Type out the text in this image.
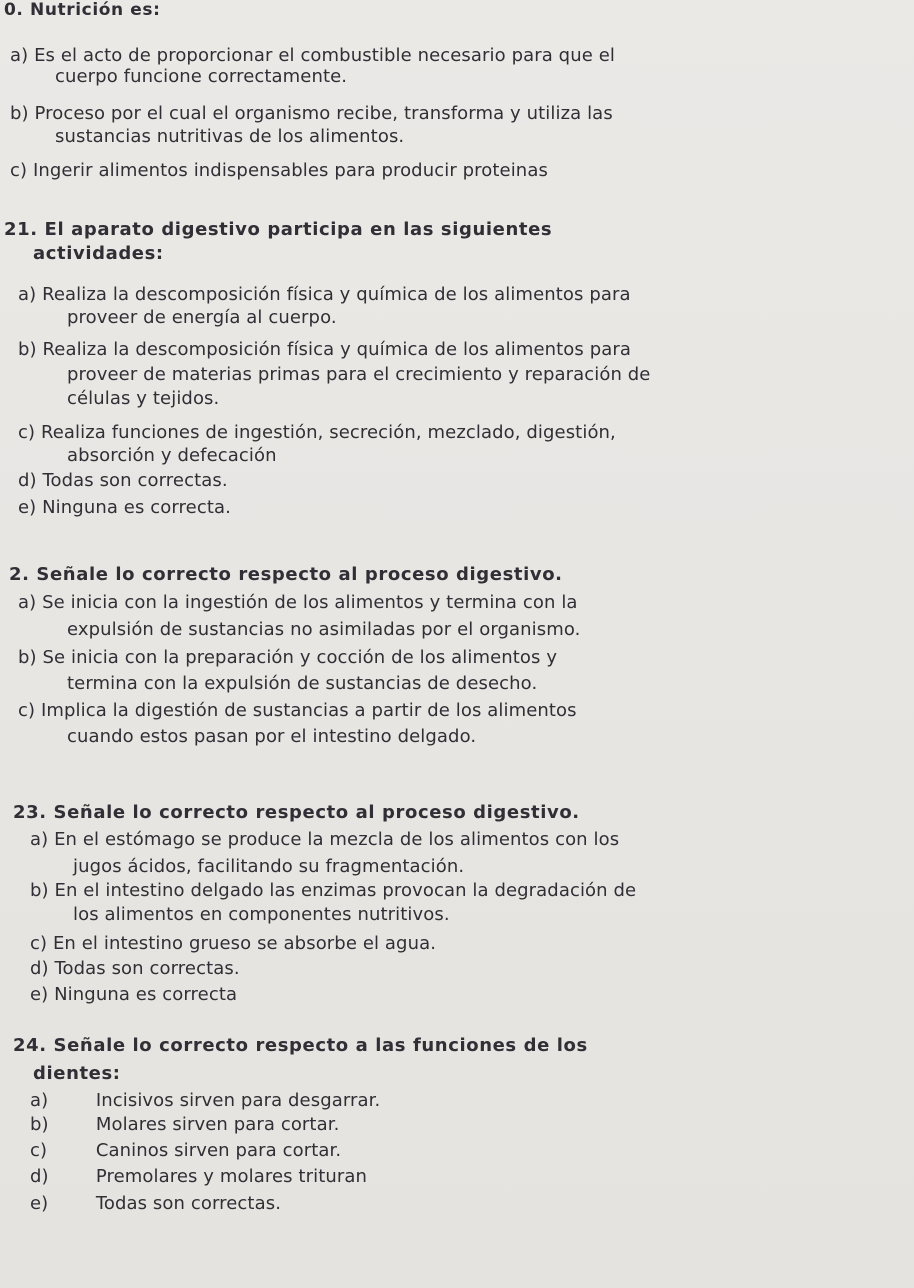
0. Nutrición es:
a) Es el acto de proporcionar el combustible necesario para que el
cuerpo funcione correctamente.
b) Proceso por el cual el organismo recibe, transforma y utiliza las
sustancias nutritivas de los alimentos.
c) Ingerir alimentos indispensables para producir proteinas
21. El aparato digestivo participa en las siguientes
actividades:
a) Realiza la descomposición física y química de los alimentos para
proveer de energía al cuerpo.
b) Realiza la descomposición física y química de los alimentos para
proveer de materias primas para el crecimiento y reparación de
células y tejidos.
c) Realiza funciones de ingestión, secreción, mezclado, digestión,
absorción y defecación
d) Todas son correctas.
e) Ninguna es correcta.
2. Señale lo correcto respecto al proceso digestivo.
a) Se inicia con la ingestión de los alimentos y termina con la
expulsión de sustancias no asimiladas por el organismo.
b) Se inicia con la preparación y cocción de los alimentos y
termina con la expulsión de sustancias de desecho.
c) Implica la digestión de sustancias a partir de los alimentos
cuando estos pasan por el intestino delgado.
23. Señale lo correcto respecto al proceso digestivo.
a) En el estómago se produce la mezcla de los alimentos con los
jugos ácidos, facilitando su fragmentación.
b) En el intestino delgado las enzimas provocan la degradación de
los alimentos en componentes nutritivos.
c) En el intestino grueso se absorbe el agua.
d) Todas son correctas.
e) Ninguna es correcta
24. Señale lo correcto respecto a las funciones de los
dientes:
a)	Incisivos sirven para desgarrar.
b)	Molares sirven para cortar.
c)	Caninos sirven para cortar.
d)	Premolares y molares trituran
e)	Todas son correctas.
